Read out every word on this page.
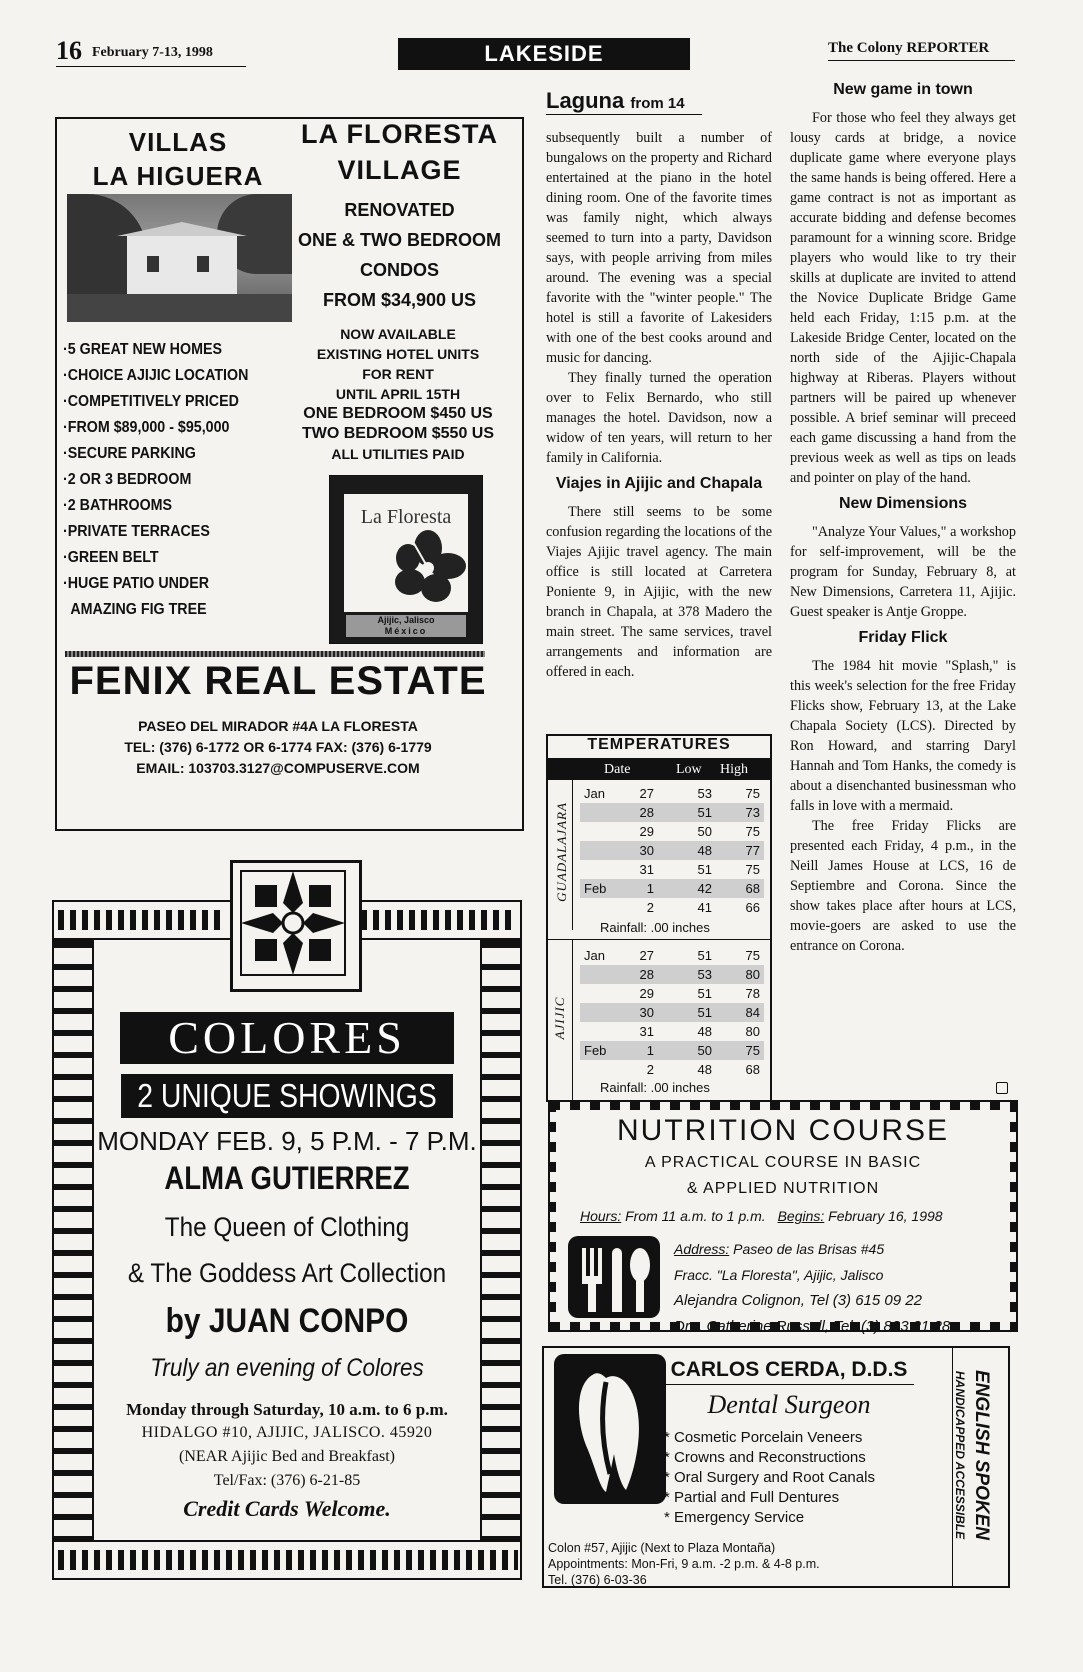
16 February 7-13, 1998	LAKESIDE	The Colony REPORTER
VILLAS
LA HIGUERA
·5 GREAT NEW HOMES
·CHOICE AJIJIC LOCATION
·COMPETITIVELY PRICED
·FROM $89,000 - $95,000
·SECURE PARKING
·2 OR 3 BEDROOM
·2 BATHROOMS
·PRIVATE TERRACES
·GREEN BELT
·HUGE PATIO UNDER
AMAZING FIG TREE
LA FLORESTA
VILLAGE
RENOVATED
ONE & TWO BEDROOM
CONDOS
FROM $34,900 US
NOW AVAILABLE
EXISTING HOTEL UNITS
FOR RENT
UNTIL APRIL 15TH
ONE BEDROOM $450 US
TWO BEDROOM $550 US
ALL UTILITIES PAID
La Floresta
Ajijic, Jalisco
México
FENIX REAL ESTATE
PASEO DEL MIRADOR #4A LA FLORESTA
TEL: (376) 6-1772 OR 6-1774 FAX: (376) 6-1779
EMAIL: 103703.3127@COMPUSERVE.COM
COLORES
2 UNIQUE SHOWINGS
MONDAY FEB. 9, 5 P.M. - 7 P.M.
ALMA GUTIERREZ
The Queen of Clothing
& The Goddess Art Collection
by JUAN CONPO
Truly an evening of Colores
Monday through Saturday, 10 a.m. to 6 p.m.
HIDALGO #10, AJIJIC, JALISCO. 45920
(NEAR Ajijic Bed and Breakfast)
Tel/Fax: (376) 6-21-85
Credit Cards Welcome.
Laguna from 14

subsequently built a number of bungalows on the property and Richard entertained at the piano in the hotel dining room. One of the favorite times was family night, which always seemed to turn into a party, Davidson says, with people arriving from miles around. The evening was a special favorite with the "winter people." The hotel is still a favorite of Lakesiders with one of the best cooks around and music for dancing.

They finally turned the operation over to Felix Bernardo, who still manages the hotel. Davidson, now a widow of ten years, will return to her family in California.

Viajes in Ajijic and Chapala

There still seems to be some confusion regarding the locations of the Viajes Ajijic travel agency. The main office is still located at Carretera Poniente 9, in Ajijic, with the new branch in Chapala, at 378 Madero the main street. The same services, travel arrangements and information are offered in each.

TEMPERATURES
Date	Low High
GUADALAJARA
Jan	27	53	75
	28	51	73
	29	50	75
	30	48	77
	31	51	75
Feb	1	42	68
	2	41	66
Rainfall: .00 inches
AJIJIC
Jan	27	51	75
	28	53	80
	29	51	78
	30	51	84
	31	48	80
Feb	1	50	75
	2	48	68
Rainfall: .00 inches
New game in town

For those who feel they always get lousy cards at bridge, a novice duplicate game where everyone plays the same hands is being offered. Here a game contract is not as important as accurate bidding and defense becomes paramount for a winning score. Bridge players who would like to try their skills at duplicate are invited to attend the Novice Duplicate Bridge Game held each Friday, 1:15 p.m. at the Lakeside Bridge Center, located on the north side of the Ajijic-Chapala highway at Riberas. Players without partners will be paired up whenever possible. A brief seminar will preceed each game discussing a hand from the previous week as well as tips on leads and pointer on play of the hand.

New Dimensions

"Analyze Your Values," a workshop for self-improvement, will be the program for Sunday, February 8, at New Dimensions, Carretera 11, Ajijic. Guest speaker is Antje Groppe.

Friday Flick

The 1984 hit movie "Splash," is this week's selection for the free Friday Flicks show, February 13, at the Lake Chapala Society (LCS). Directed by Ron Howard, and starring Daryl Hannah and Tom Hanks, the comedy is about a disenchanted businessman who falls in love with a mermaid.

The free Friday Flicks are presented each Friday, 4 p.m., in the Neill James House at LCS, 16 de Septiembre and Corona. Since the show takes place after hours at LCS, movie-goers are asked to use the entrance on Corona.

NUTRITION COURSE
A PRACTICAL COURSE IN BASIC
& APPLIED NUTRITION
Hours: From 11 a.m. to 1 p.m. Begins: February 16, 1998
Address: Paseo de las Brisas #45
Fracc. "La Floresta", Ajijic, Jalisco
Alejandra Colignon, Tel (3) 615 09 22
Dra. Catherine Russell, Tel. (3) 823 21 28
CARLOS CERDA, D.D.S
Dental Surgeon
* Cosmetic Porcelain Veneers
* Crowns and Reconstructions
* Oral Surgery and Root Canals
* Partial and Full Dentures
* Emergency Service
Colon #57, Ajijic (Next to Plaza Montaña)
Appointments: Mon-Fri, 9 a.m. -2 p.m. & 4-8 p.m.
Tel. (376) 6-03-36
ENGLISH SPOKEN
HANDICAPPED ACCESSIBLE
